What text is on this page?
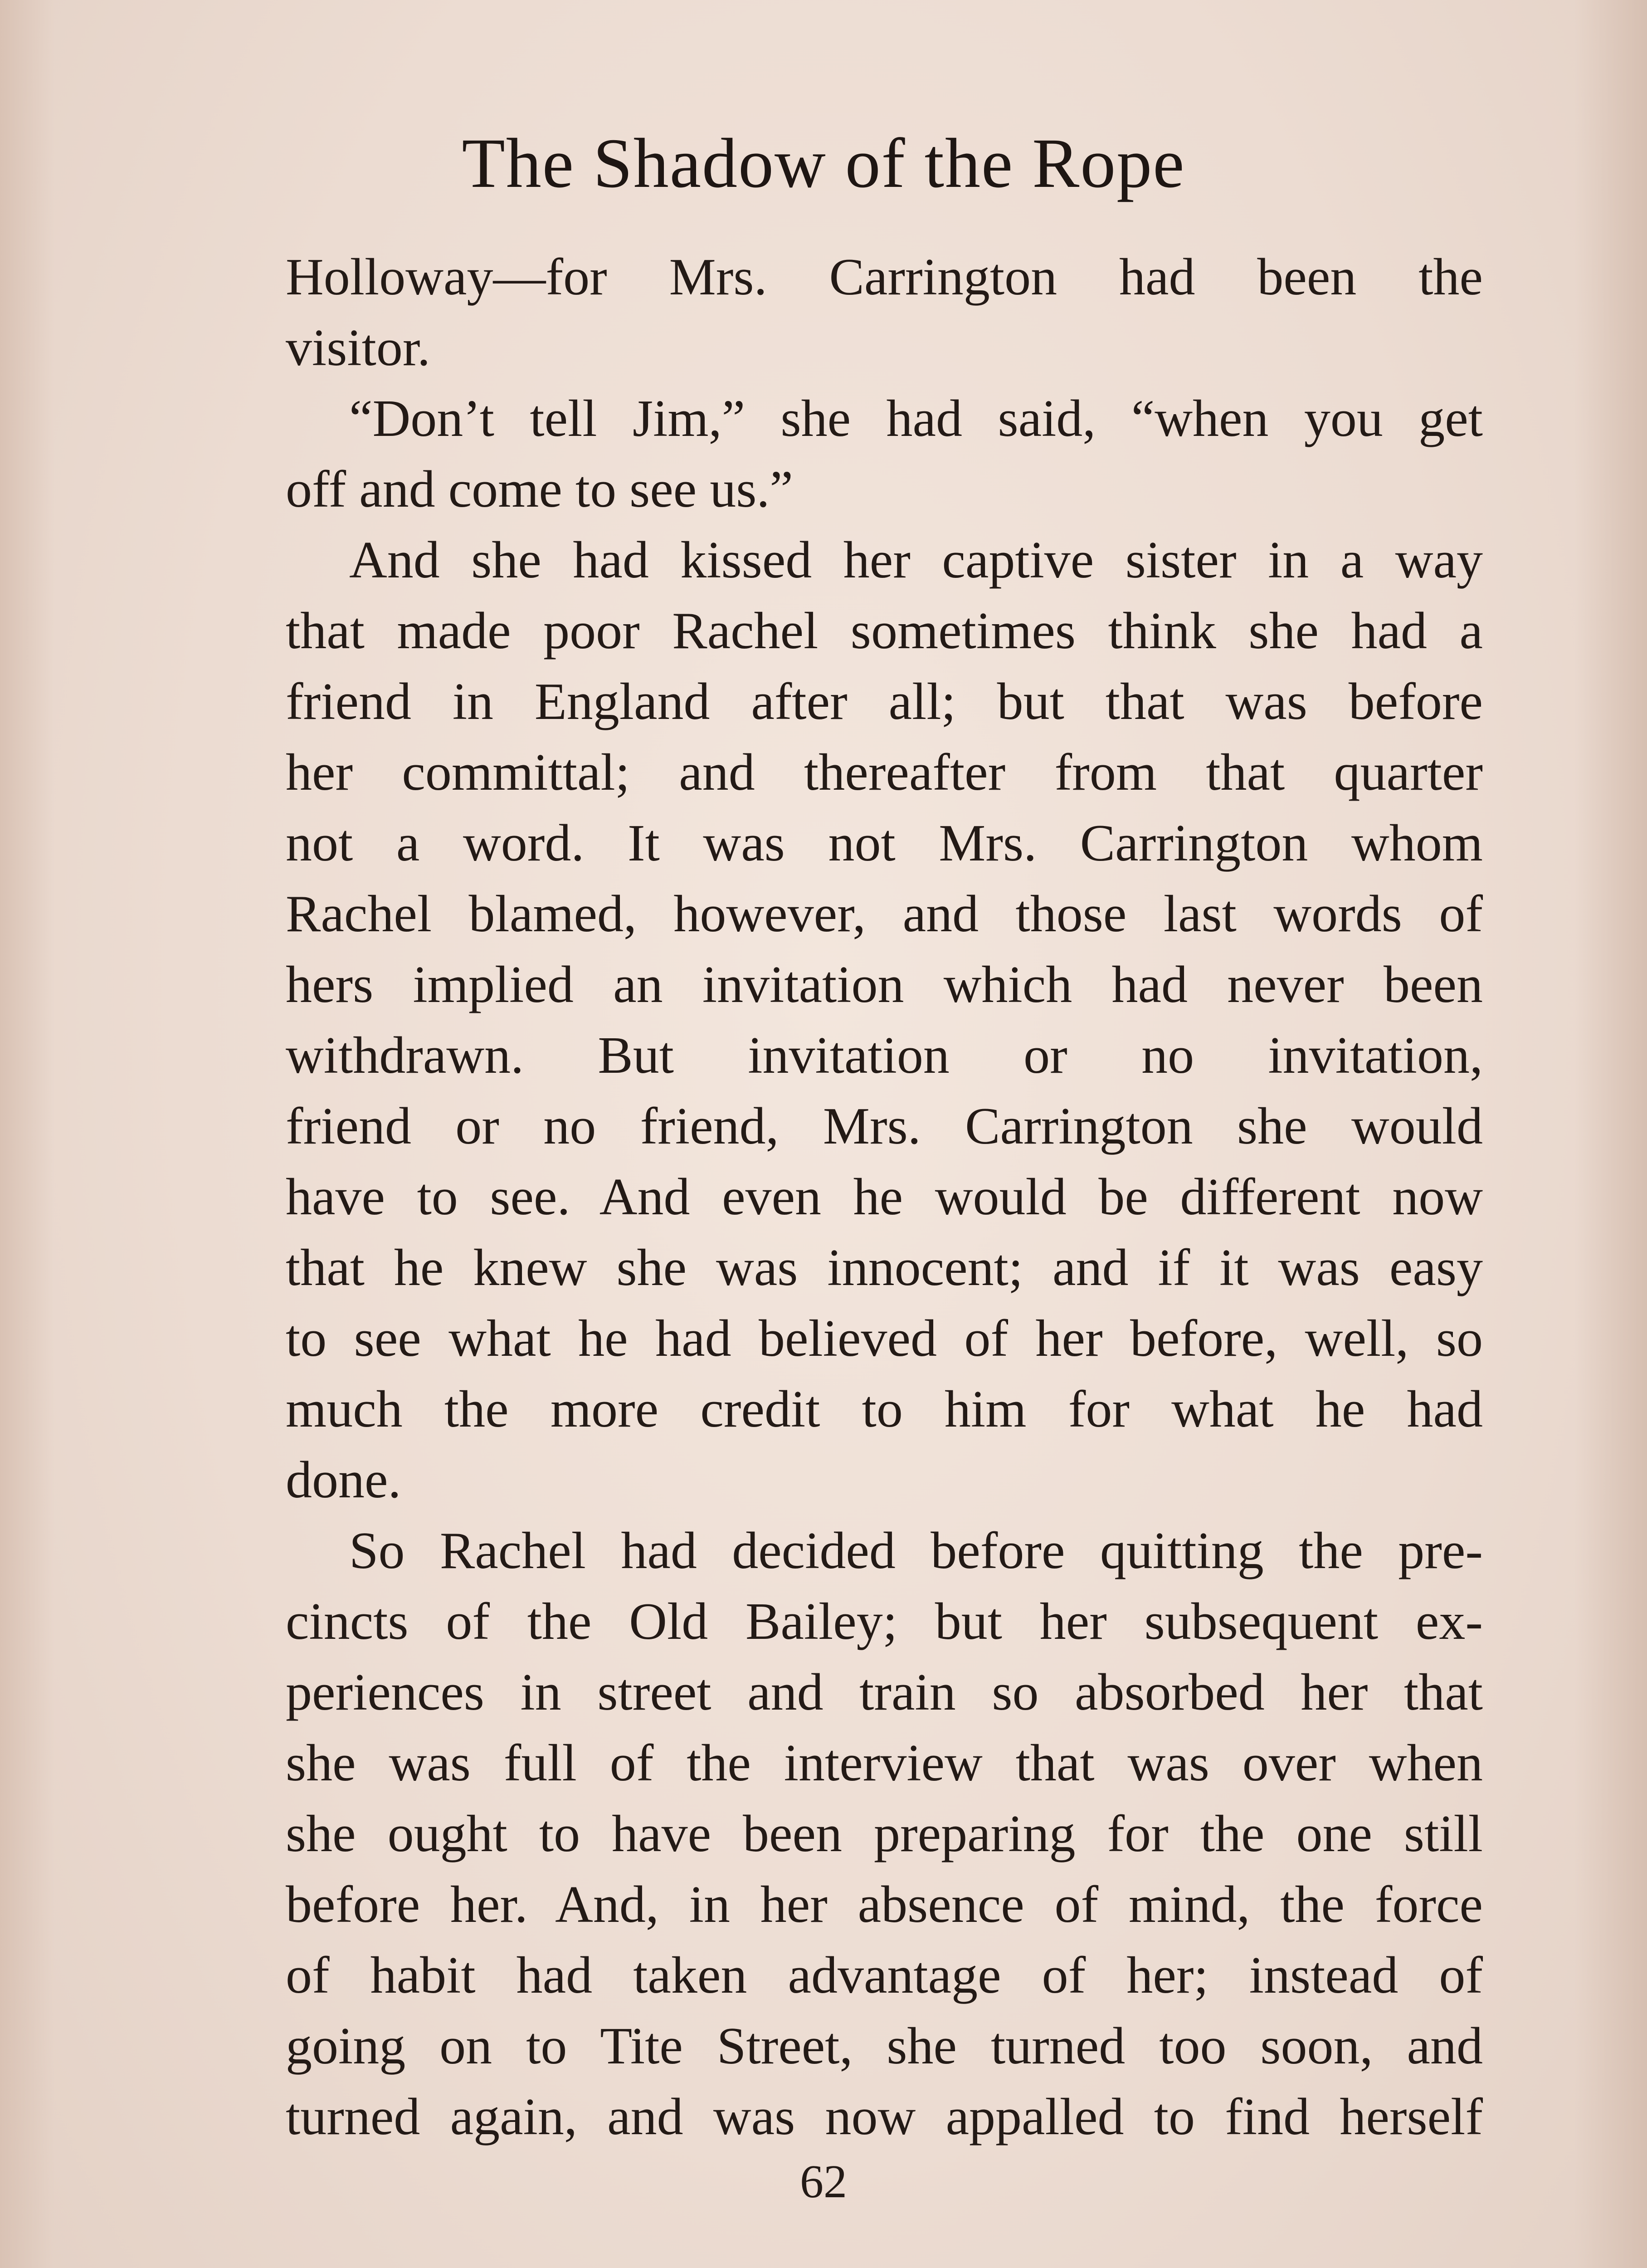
The Shadow of the Rope
Holloway—for Mrs. Carrington had been the
visitor.
“Don’t tell Jim,” she had said, “when you get
off and come to see us.”
And she had kissed her captive sister in a way
that made poor Rachel sometimes think she had a
friend in England after all; but that was before
her committal; and thereafter from that quarter
not a word. It was not Mrs. Carrington whom
Rachel blamed, however, and those last words of
hers implied an invitation which had never been
withdrawn. But invitation or no invitation,
friend or no friend, Mrs. Carrington she would
have to see. And even he would be different now
that he knew she was innocent; and if it was easy
to see what he had believed of her before, well, so
much the more credit to him for what he had
done.
So Rachel had decided before quitting the pre-
cincts of the Old Bailey; but her subsequent ex-
periences in street and train so absorbed her that
she was full of the interview that was over when
she ought to have been preparing for the one still
before her. And, in her absence of mind, the force
of habit had taken advantage of her; instead of
going on to Tite Street, she turned too soon, and
turned again, and was now appalled to find herself
62
